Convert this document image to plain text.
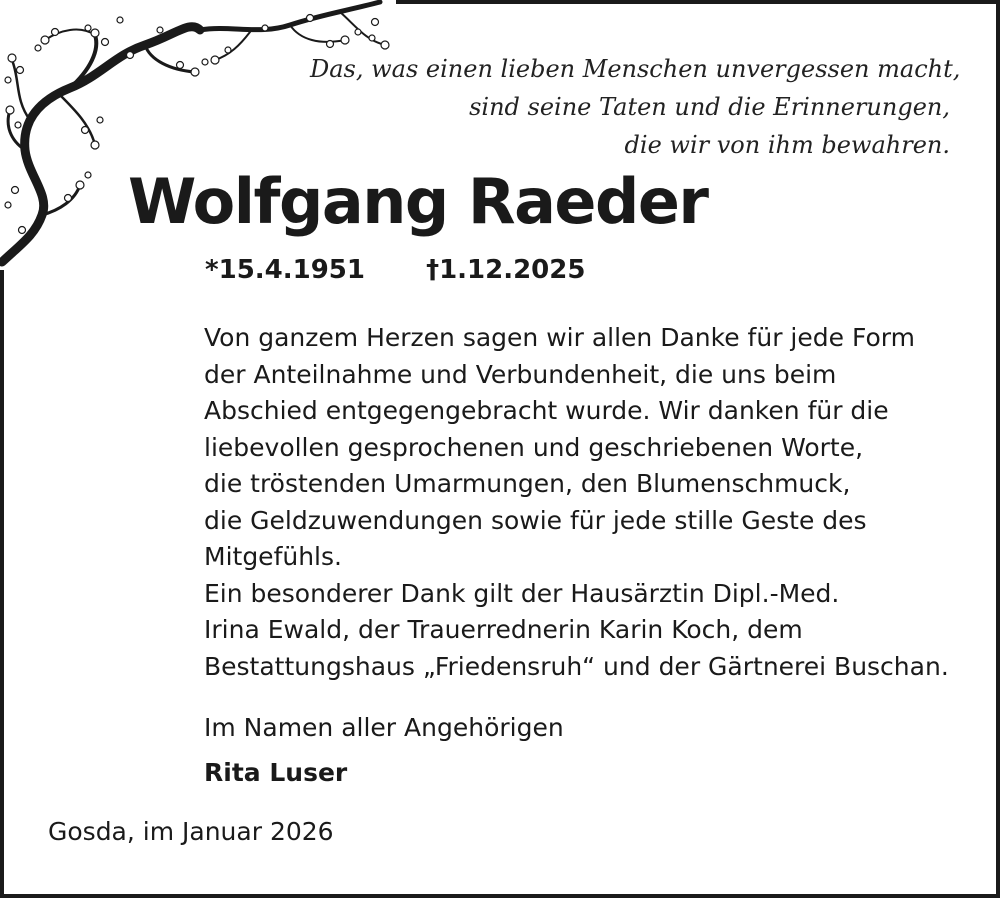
Das, was einen lieben Menschen unvergessen macht,
sind seine Taten und die Erinnerungen,
die wir von ihm bewahren.
Wolfgang Raeder
*15.4.1951 †1.12.2025
Von ganzem Herzen sagen wir allen Danke für jede Form
der Anteilnahme und Verbundenheit, die uns beim
Abschied entgegengebracht wurde. Wir danken für die
liebevollen gesprochenen und geschriebenen Worte,
die tröstenden Umarmungen, den Blumenschmuck,
die Geldzuwendungen sowie für jede stille Geste des
Mitgefühls.
Ein besonderer Dank gilt der Hausärztin Dipl.-Med.
Irina Ewald, der Trauerrednerin Karin Koch, dem
Bestattungshaus „Friedensruh“ und der Gärtnerei Buschan.
Im Namen aller Angehörigen
Rita Luser
Gosda, im Januar 2026
